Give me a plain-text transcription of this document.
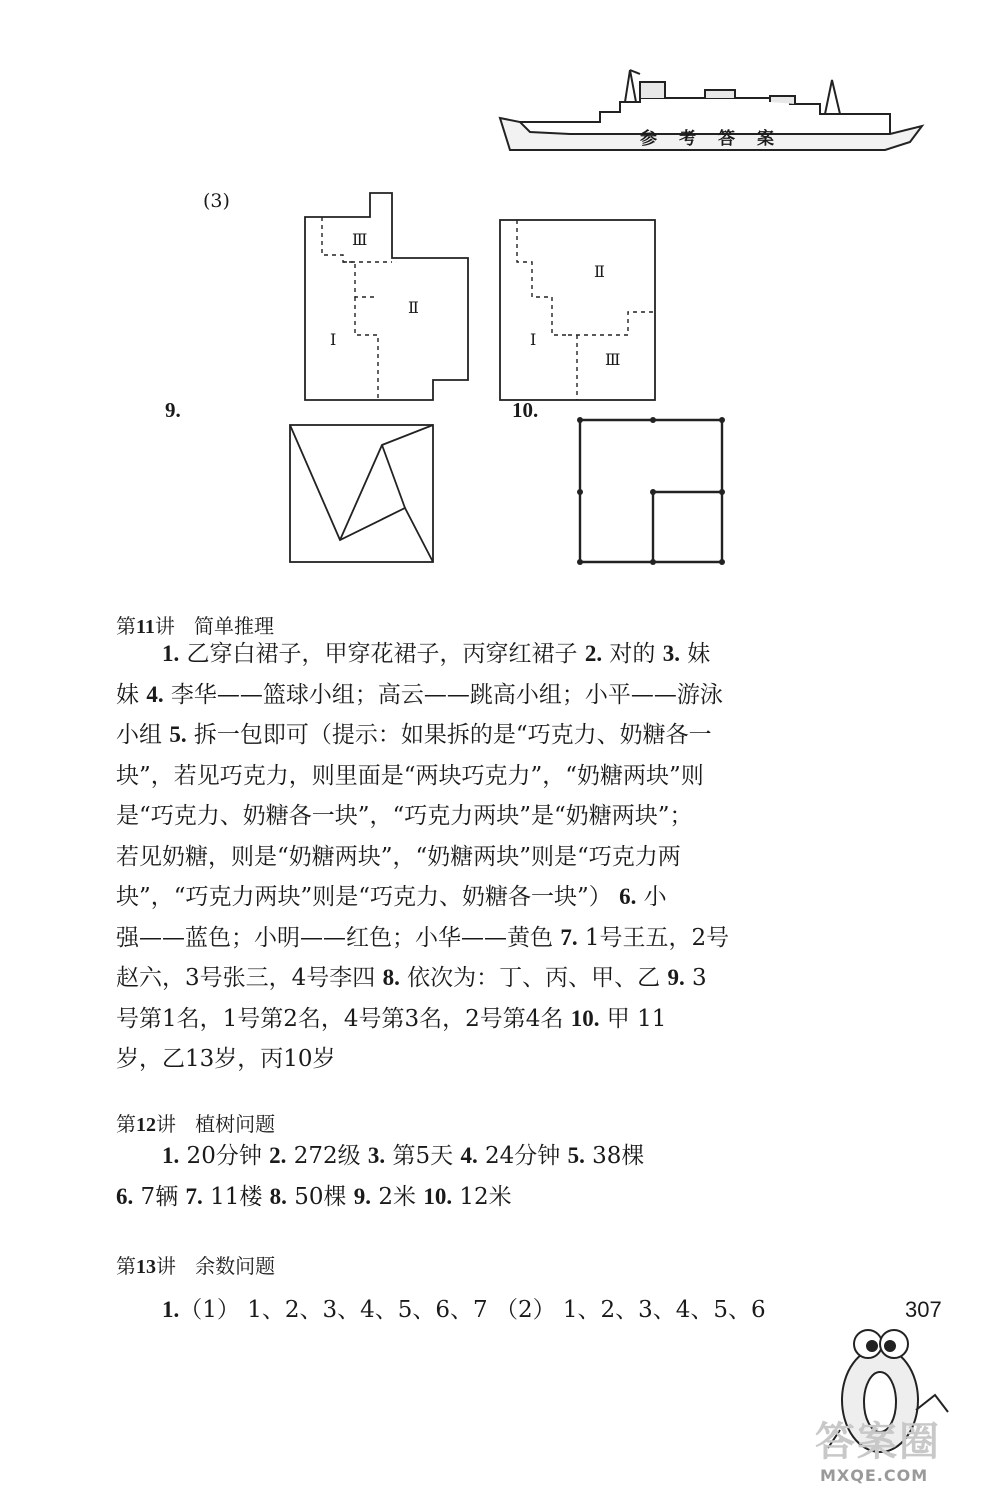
参考答案
(3)
Ⅲ
Ⅱ
Ⅰ
Ⅱ
Ⅰ
Ⅲ
9.	10.
第11讲 简单推理
1. 乙穿白裙子，甲穿花裙子，丙穿红裙子 2. 对的 3. 妹
妹 4. 李华——篮球小组；高云——跳高小组；小平——游泳
小组 5. 拆一包即可（提示：如果拆的是“巧克力、奶糖各一
块”，若见巧克力，则里面是“两块巧克力”，“奶糖两块”则
是“巧克力、奶糖各一块”，“巧克力两块”是“奶糖两块”；
若见奶糖，则是“奶糖两块”，“奶糖两块”则是“巧克力两
块”，“巧克力两块”则是“巧克力、奶糖各一块”） 6. 小
强——蓝色；小明——红色；小华——黄色 7. 1号王五，2号
赵六，3号张三，4号李四 8. 依次为：丁、丙、甲、乙 9. 3
号第1名，1号第2名，4号第3名，2号第4名 10. 甲 11
岁，乙13岁，丙10岁
第12讲 植树问题
1. 20分钟 2. 272级 3. 第5天 4. 24分钟 5. 38棵
6. 7辆 7. 11楼 8. 50棵 9. 2米 10. 12米
第13讲 余数问题
1.（1） 1、2、3、4、5、6、7 （2） 1、2、3、4、5、6	307
答案圈
MXQE.COM
